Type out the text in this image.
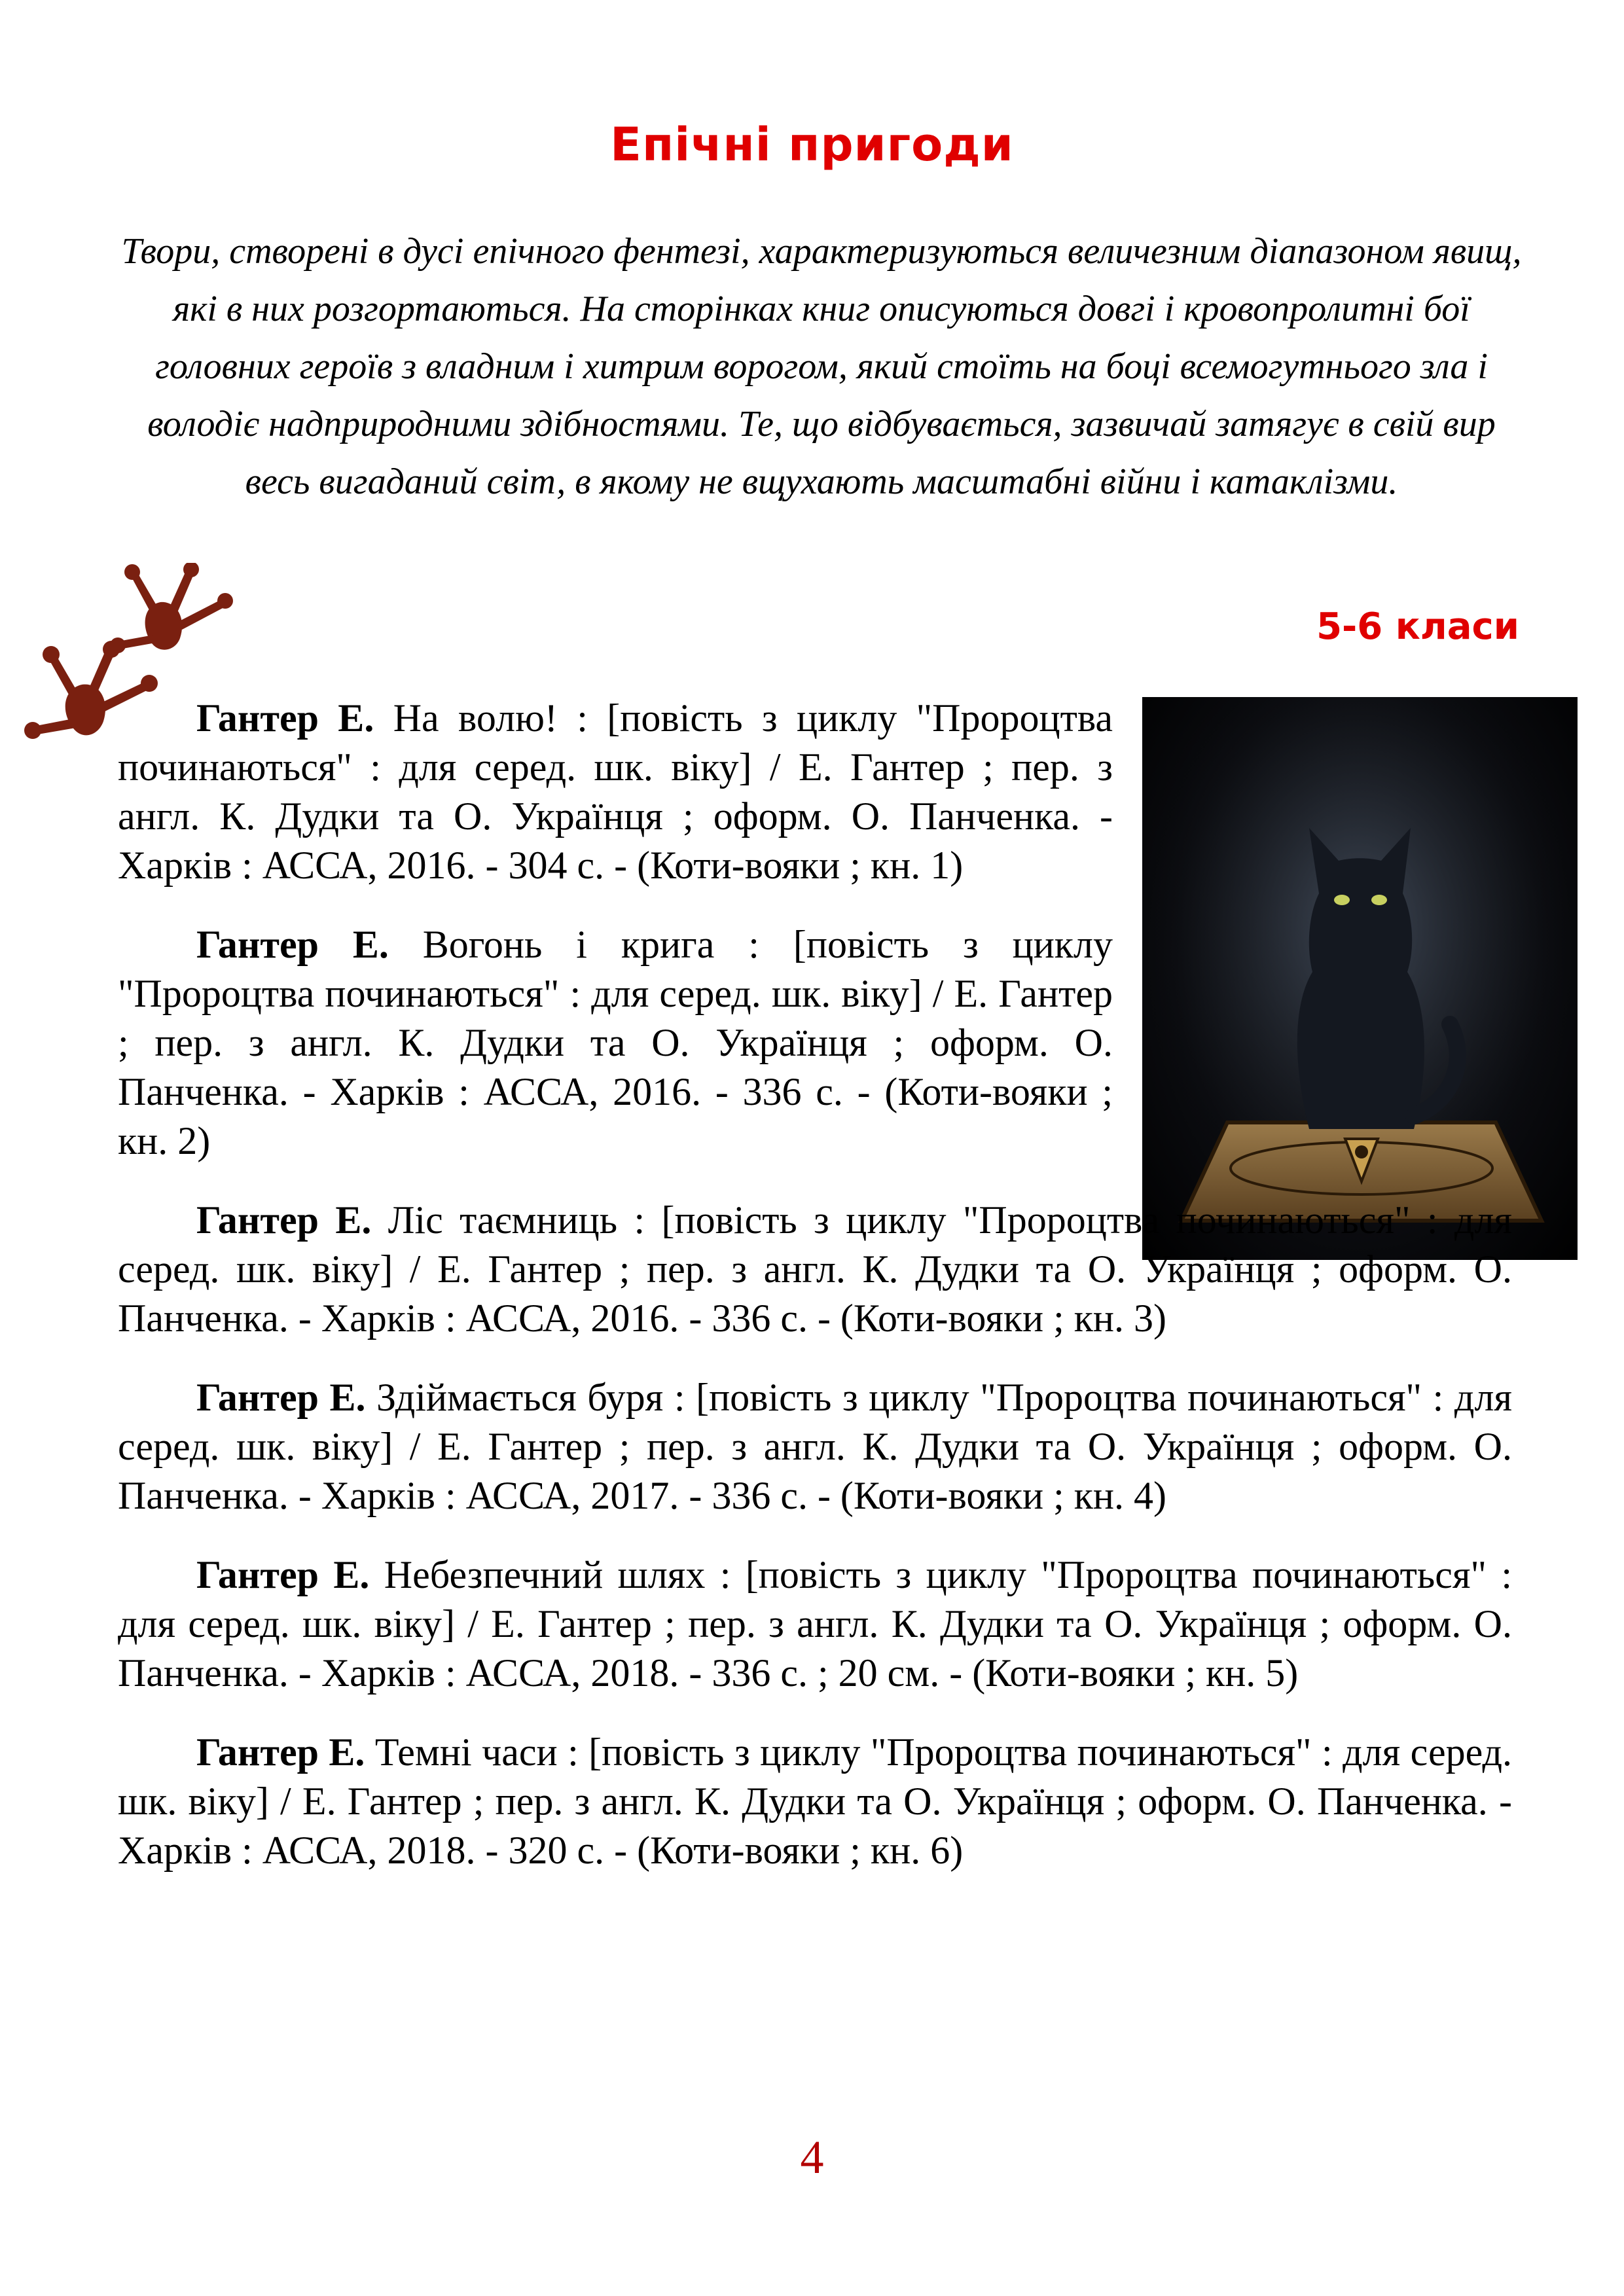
Епічні пригоди

Твори, створені в дусі епічного фентезі, характеризуються величезним діапазоном явищ, які в них розгортаються. На сторінках книг описуються довгі і кровопролитні бої головних героїв з владним і хитрим ворогом, який стоїть на боці всемогутнього зла і володіє надприродними здібностями. Те, що відбувається, зазвичай затягує в свій вир весь вигаданий світ, в якому не вщухають масштабні війни і катаклізми.

5-6 класи

Гантер Е. На волю! : [повість з циклу "Пророцтва починаються" : для серед. шк. віку] / Е. Гантер ; пер. з англ. К. Дудки та О. Українця ; оформ. О. Панченка. - Харків : АССА, 2016. - 304 с. - (Коти-вояки ; кн. 1)

Гантер Е. Вогонь і крига : [повість з циклу "Пророцтва починаються" : для серед. шк. віку] / Е. Гантер ; пер. з англ. К. Дудки та О. Українця ; оформ. О. Панченка. - Харків : АССА, 2016. - 336 с. - (Коти-вояки ; кн. 2)

Гантер Е. Ліс таємниць : [повість з циклу "Пророцтва починаються" : для серед. шк. віку] / Е. Гантер ; пер. з англ. К. Дудки та О. Українця ; оформ. О. Панченка. - Харків : АССА, 2016. - 336 с. - (Коти-вояки ; кн. 3)

Гантер Е. Здіймається буря : [повість з циклу "Пророцтва починаються" : для серед. шк. віку] / Е. Гантер ; пер. з англ. К. Дудки та О. Українця ; оформ. О. Панченка. - Харків : АССА, 2017. - 336 с. - (Коти-вояки ; кн. 4)

Гантер Е. Небезпечний шлях : [повість з циклу "Пророцтва починаються" : для серед. шк. віку] / Е. Гантер ; пер. з англ. К. Дудки та О. Українця ; оформ. О. Панченка. - Харків : АССА, 2018. - 336 с. ; 20 см. - (Коти-вояки ; кн. 5)

Гантер Е. Темні часи : [повість з циклу "Пророцтва починаються" : для серед. шк. віку] / Е. Гантер ; пер. з англ. К. Дудки та О. Українця ; оформ. О. Панченка. - Харків : АССА, 2018. - 320 с. - (Коти-вояки ; кн. 6)

4
